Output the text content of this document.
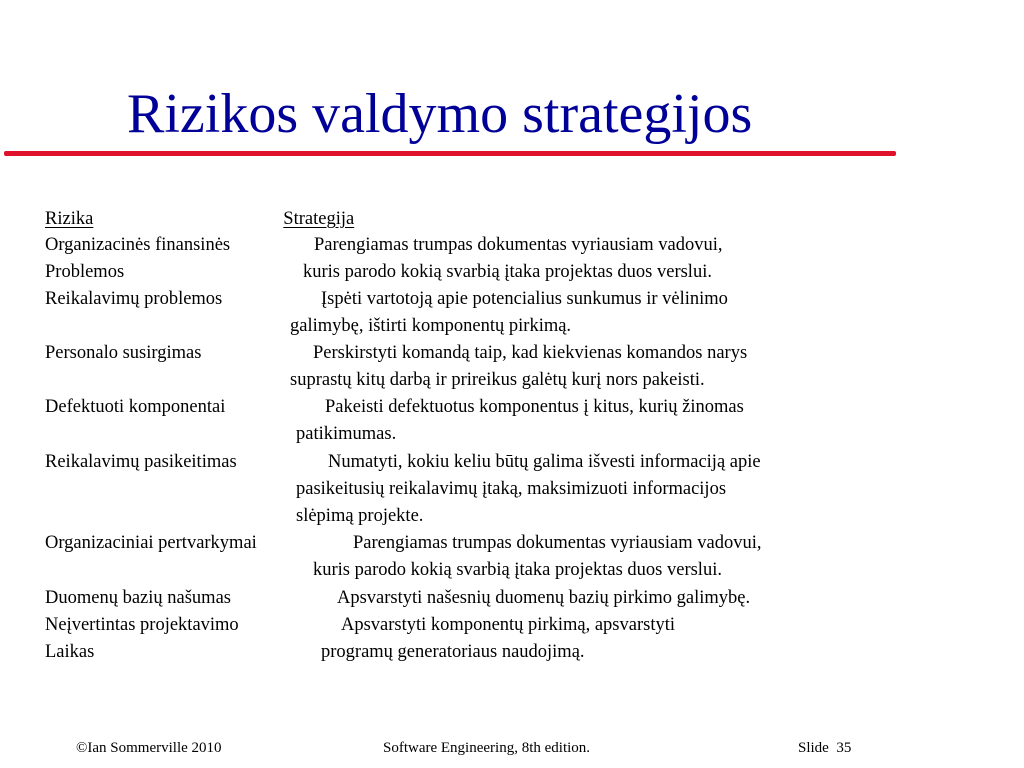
Rizikos valdymo strategijos
Rizika	Strategija
Organizacinės finansinės	Parengiamas trumpas dokumentas vyriausiam vadovui,
Problemos	kuris parodo kokią svarbią įtaka projektas duos verslui.
Reikalavimų problemos	Įspėti vartotoją apie potencialius sunkumus ir vėlinimo
galimybę, ištirti komponentų pirkimą.
Personalo susirgimas	Perskirstyti komandą taip, kad kiekvienas komandos narys
suprastų kitų darbą ir prireikus galėtų kurį nors pakeisti.
Defektuoti komponentai	Pakeisti defektuotus komponentus į kitus, kurių žinomas
patikimumas.
Reikalavimų pasikeitimas	Numatyti, kokiu keliu būtų galima išvesti informaciją apie
pasikeitusių reikalavimų įtaką, maksimizuoti informacijos
slėpimą projekte.
Organizaciniai pertvarkymai	Parengiamas trumpas dokumentas vyriausiam vadovui,
kuris parodo kokią svarbią įtaka projektas duos verslui.
Duomenų bazių našumas	Apsvarstyti našesnių duomenų bazių pirkimo galimybę.
Neįvertintas projektavimo	Apsvarstyti komponentų pirkimą, apsvarstyti
Laikas	programų generatoriaus naudojimą.
©Ian Sommerville 2010	Software Engineering, 8th edition.	Slide 35
